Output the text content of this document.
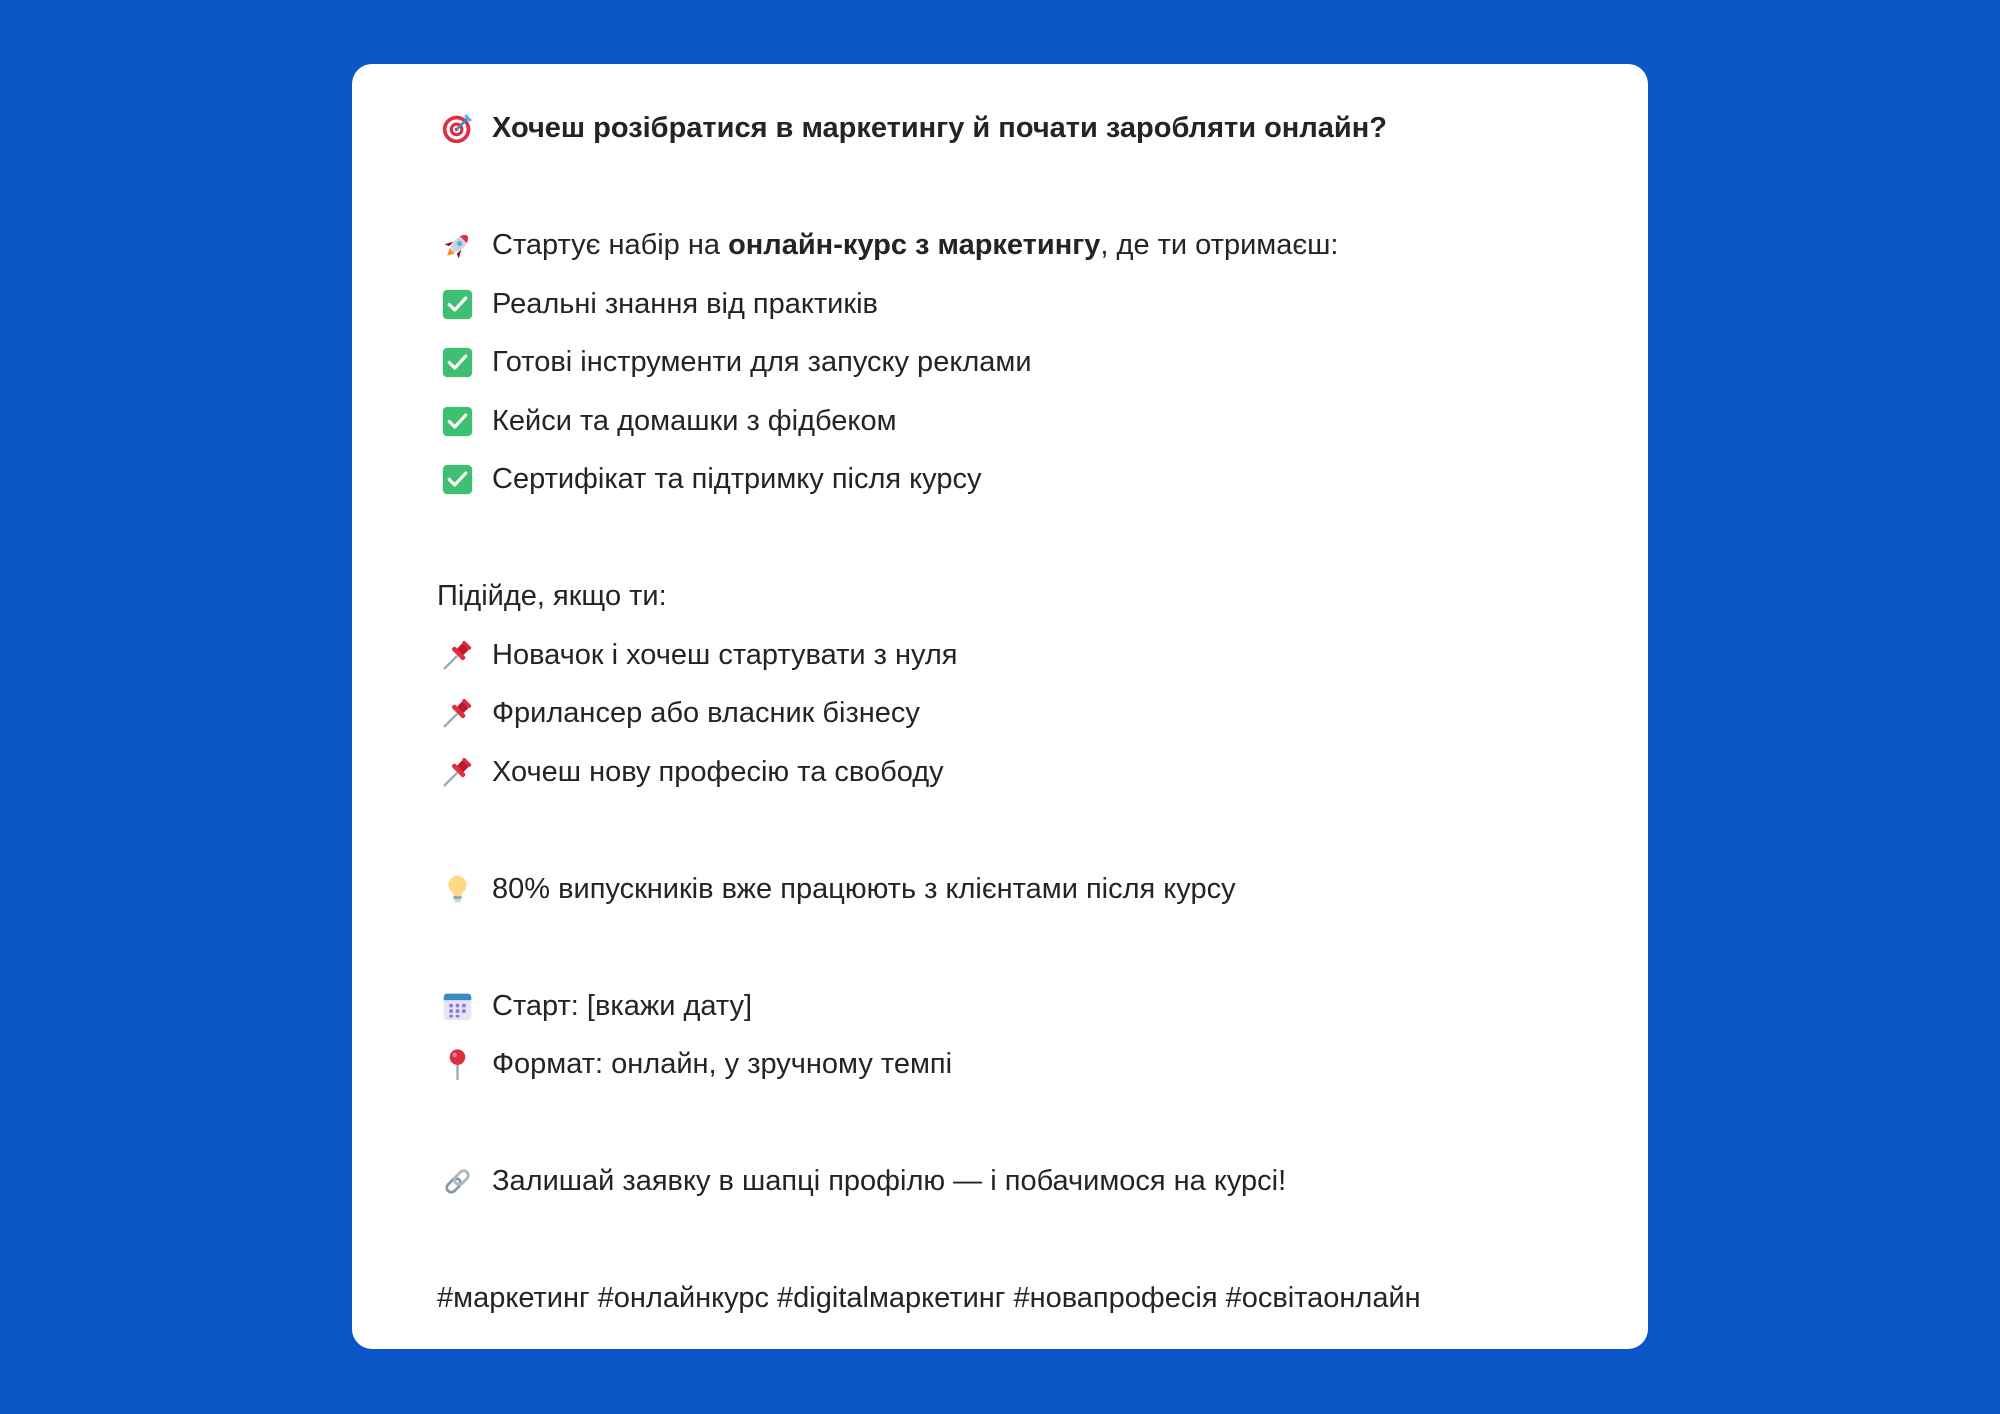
Хочеш розібратися в маркетингу й почати заробляти онлайн?
Стартує набір на онлайн-курс з маркетингу , де ти отримаєш:
Реальні знання від практиків
Готові інструменти для запуску реклами
Кейси та домашки з фідбеком
Сертифікат та підтримку після курсу
Підійде, якщо ти:
Новачок і хочеш стартувати з нуля
Фрилансер або власник бізнесу
Хочеш нову професію та свободу
80% випускників вже працюють з клієнтами після курсу
Старт: [вкажи дату]
Формат: онлайн, у зручному темпі
Залишай заявку в шапці профілю — і побачимося на курсі!
#маркетинг #онлайнкурс #digitalмаркетинг #новапрофесія #освітаонлайн
